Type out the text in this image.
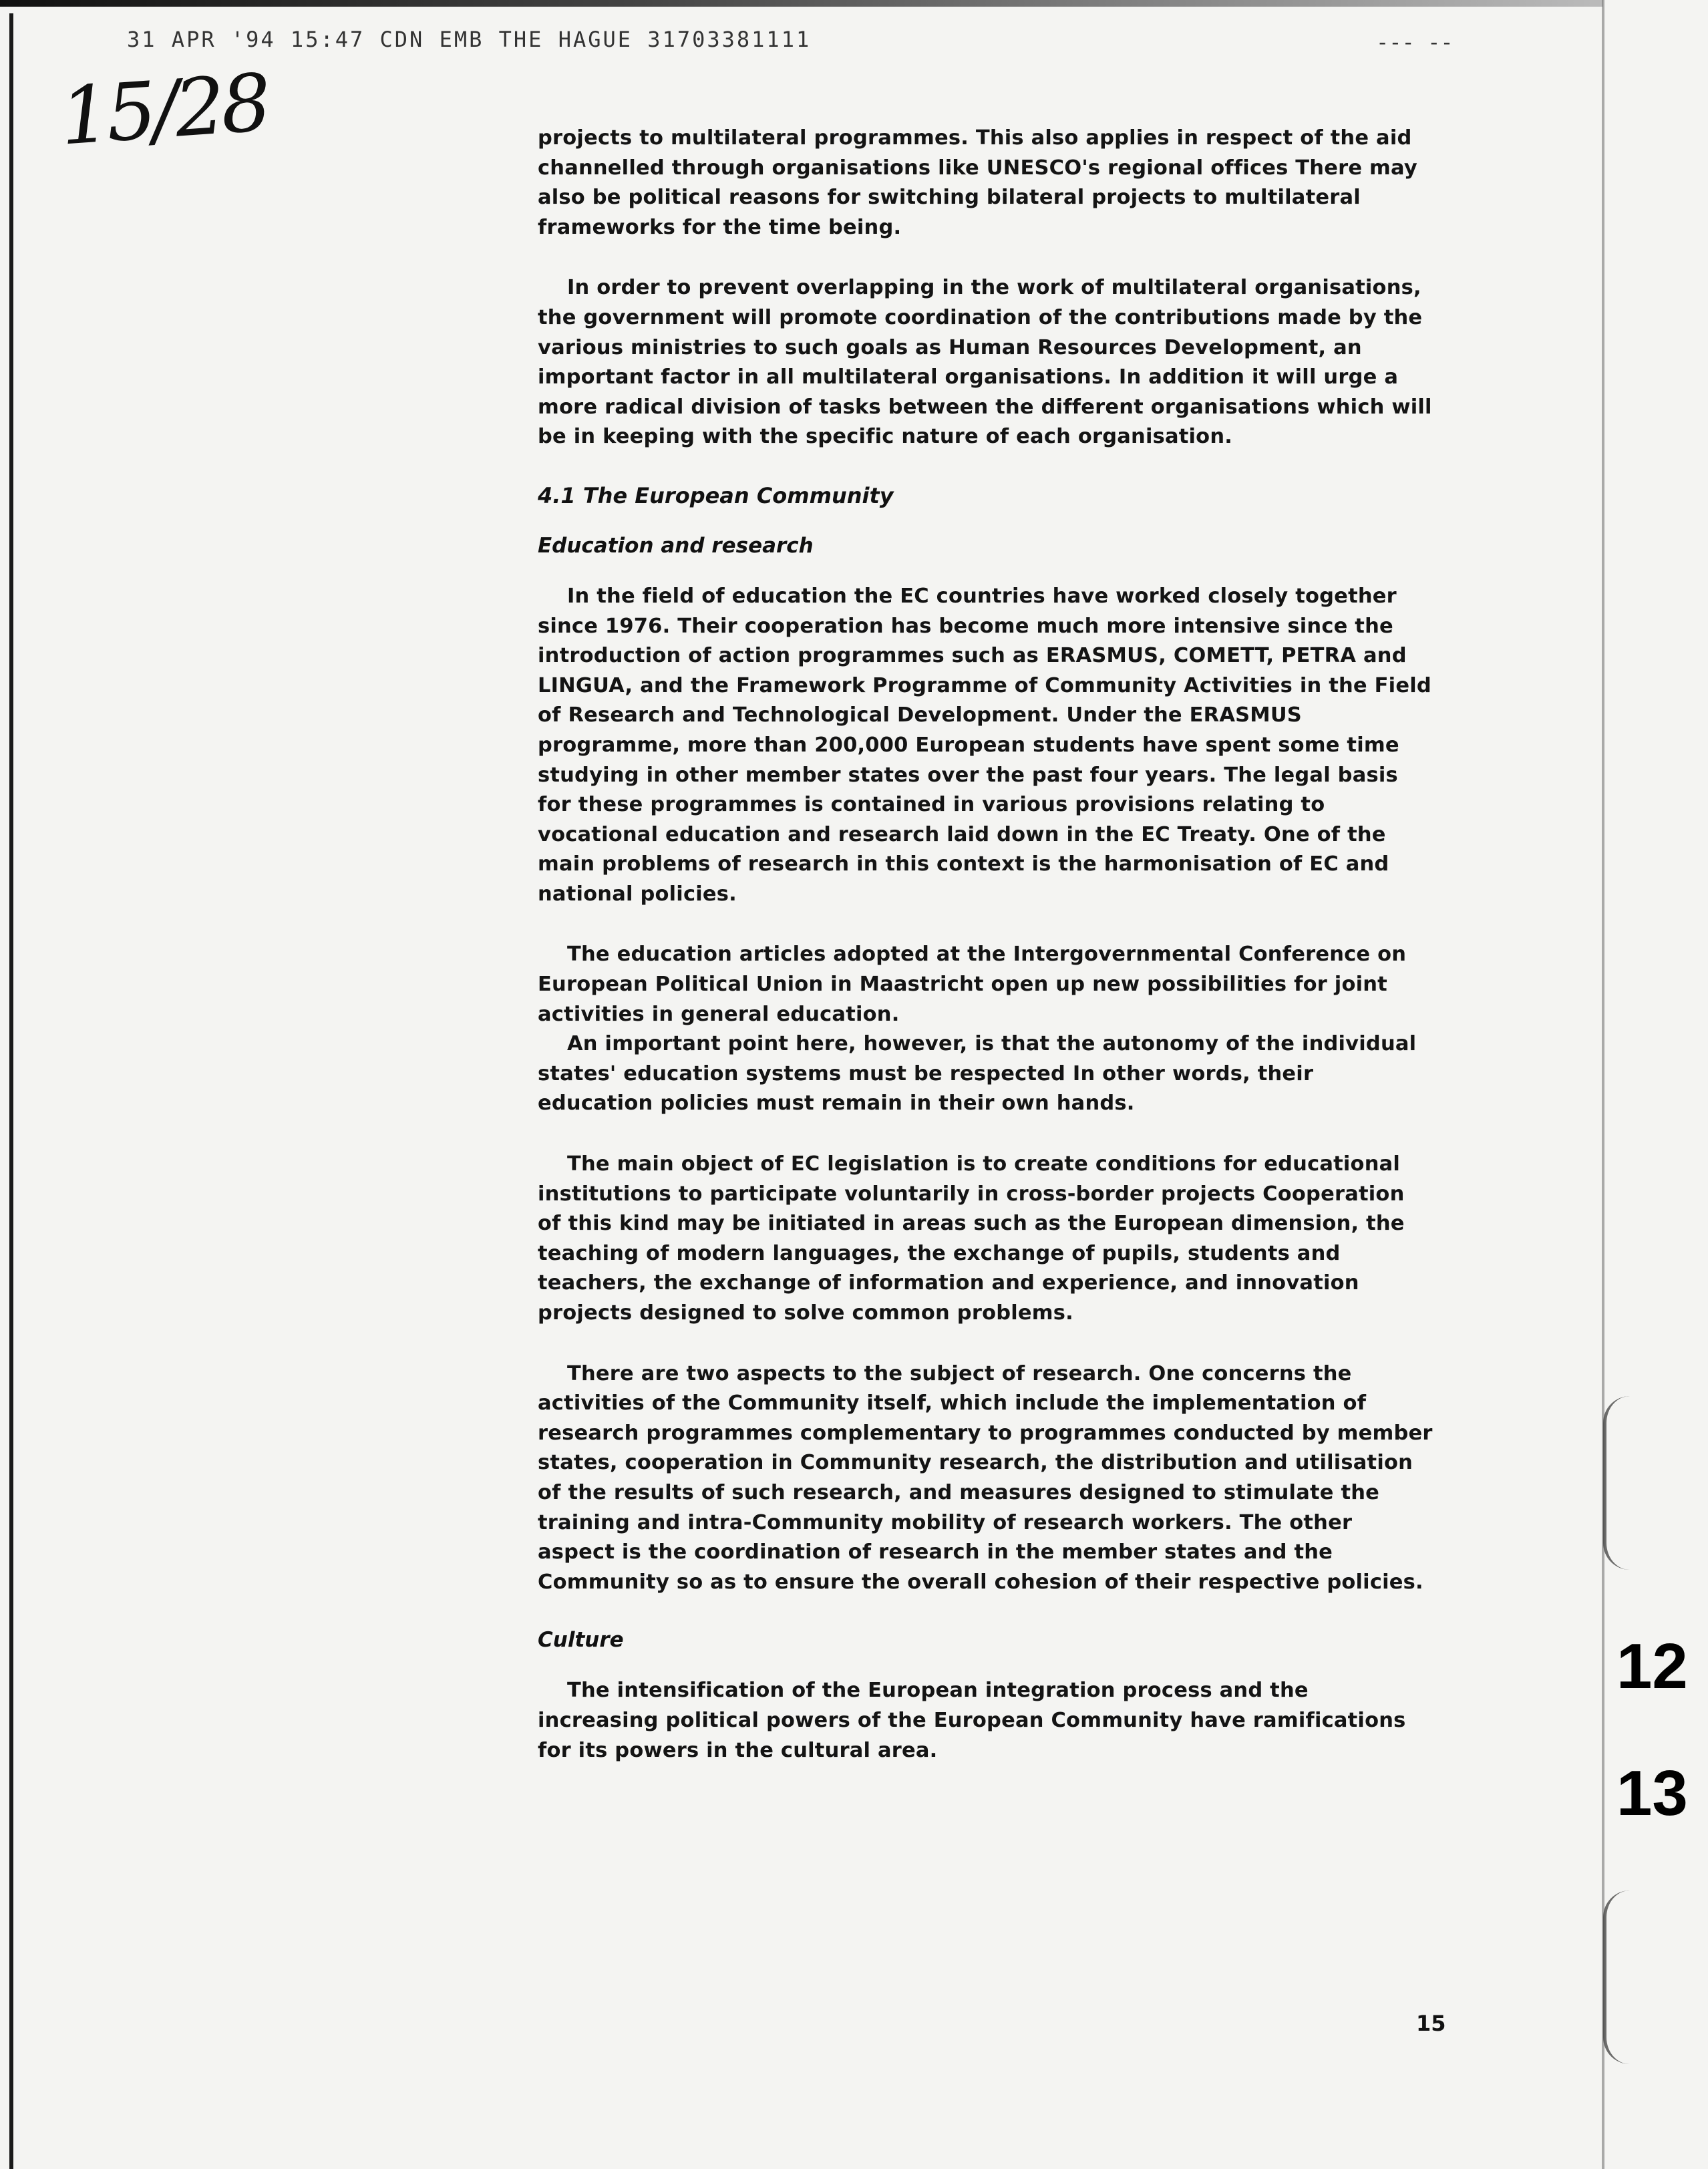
31 APR '94 15:47 CDN EMB THE HAGUE 31703381111	--- --
15/28	projects to multilateral programmes. This also applies in respect of the aid channelled through organisations like UNESCO's regional offices There may also be political reasons for switching bilateral projects to multilateral frameworks for the time being.

In order to prevent overlapping in the work of multilateral organisations, the government will promote coordination of the contributions made by the various ministries to such goals as Human Resources Development, an important factor in all multilateral organisations. In addition it will urge a more radical division of tasks between the different organisations which will be in keeping with the specific nature of each organisation.

4.1 The European Community
Education and research

In the field of education the EC countries have worked closely together since 1976. Their cooperation has become much more intensive since the introduction of action programmes such as ERASMUS, COMETT, PETRA and LINGUA, and the Framework Programme of Community Activities in the Field of Research and Technological Development. Under the ERASMUS programme, more than 200,000 European students have spent some time studying in other member states over the past four years. The legal basis for these programmes is contained in various provisions relating to vocational education and research laid down in the EC Treaty. One of the main problems of research in this context is the harmonisation of EC and national policies.

The education articles adopted at the Intergovernmental Conference on European Political Union in Maastricht open up new possibilities for joint activities in general education.

An important point here, however, is that the autonomy of the individual states' education systems must be respected In other words, their education policies must remain in their own hands.

The main object of EC legislation is to create conditions for educational institutions to participate voluntarily in cross-border projects Cooperation of this kind may be initiated in areas such as the European dimension, the teaching of modern languages, the exchange of pupils, students and teachers, the exchange of information and experience, and innovation projects designed to solve common problems.

There are two aspects to the subject of research. One concerns the activities of the Community itself, which include the implementation of research programmes complementary to programmes conducted by member states, cooperation in Community research, the distribution and utilisation of the results of such research, and measures designed to stimulate the training and intra-Community mobility of research workers. The other aspect is the coordination of research in the member states and the Community so as to ensure the overall cohesion of their respective policies.

Culture

The intensification of the European integration process and the increasing political powers of the European Community have ramifications for its powers in the cultural area.

12
13
15
